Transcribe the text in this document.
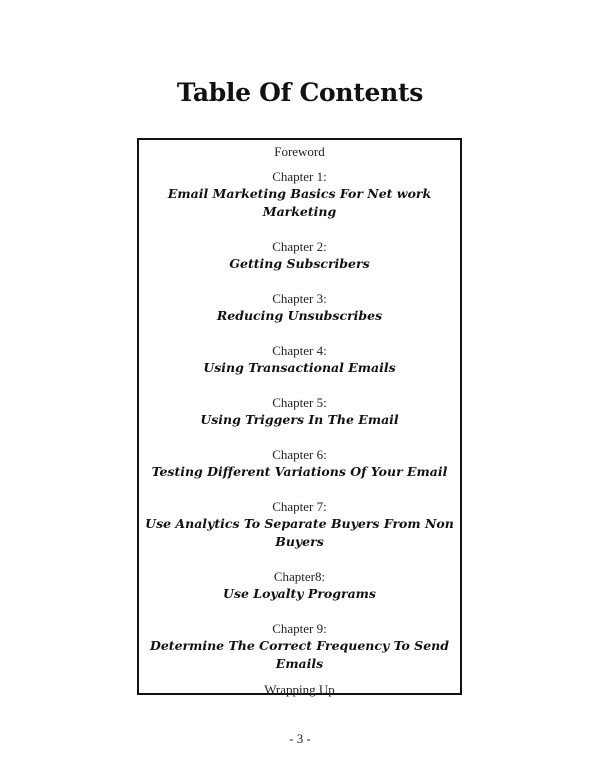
Table Of Contents
Foreword
Chapter 1:
Email Marketing Basics For Net work Marketing
Chapter 2:
Getting Subscribers
Chapter 3:
Reducing Unsubscribes
Chapter 4:
Using Transactional Emails
Chapter 5:
Using Triggers In The Email
Chapter 6:
Testing Different Variations Of Your Email
Chapter 7:
Use Analytics To Separate Buyers From Non Buyers
Chapter8:
Use Loyalty Programs
Chapter 9:
Determine The Correct Frequency To Send Emails
Wrapping Up
- 3 -
